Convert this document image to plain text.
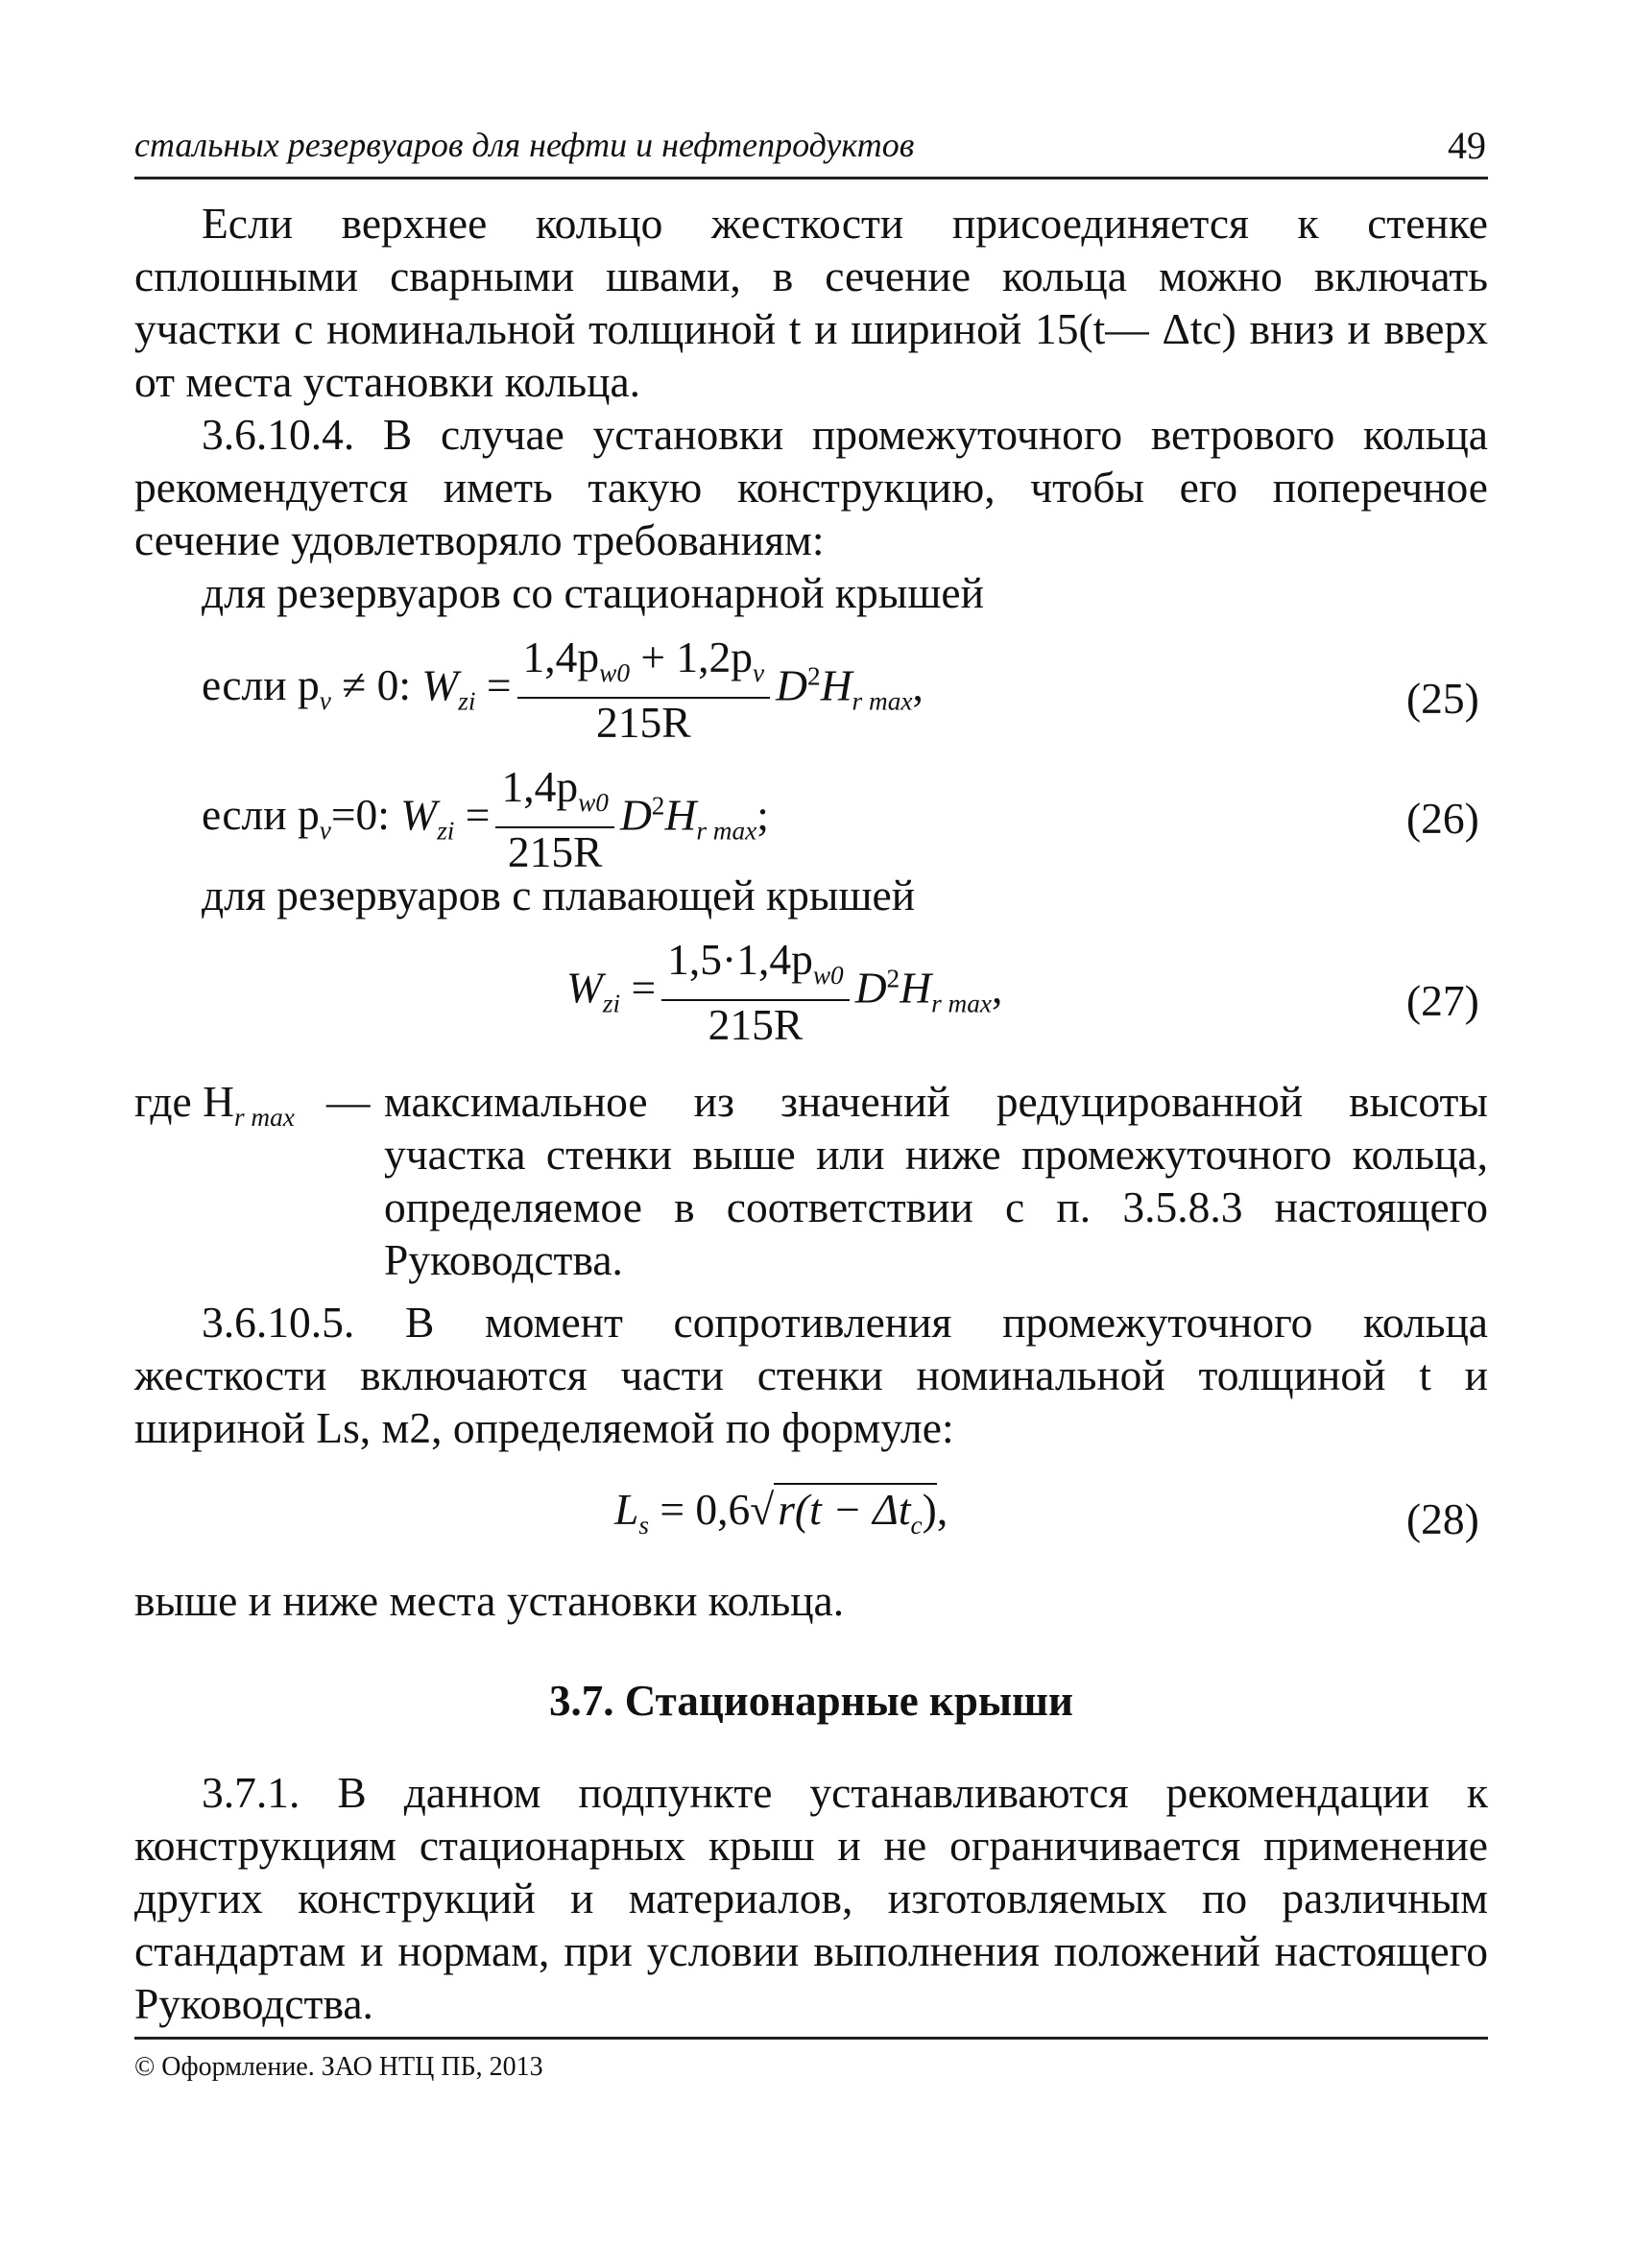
стальных резервуаров для нефти и нефтепродуктов	49
Если верхнее кольцо жесткости присоединяется к стенке сплошными сварными швами, в сечение кольца можно включать участки с номинальной толщиной t и шириной 15(t— Δtc) вниз и вверх от места установки кольца.
3.6.10.4. В случае установки промежуточного ветрового кольца рекомендуется иметь такую конструкцию, чтобы его поперечное сечение удовлетворяло требованиям:
для резервуаров со стационарной крышей
если $p_v \ne 0$: $W_{zi} = \frac{1,4p_{w0} + 1,2p_v}{215R} D^2H_{r max}$,	(25)
если $p_v=0$: $W_{zi} = \frac{1,4p_{w0}}{215R} D^2H_{r max}$;	(26)
для резервуаров с плавающей крышей
$W_{zi} = \frac{1,5\cdot 1,4p_{w0}}{215R} D^2H_{r max}$,	(27)
где $H_{r max}$ — максимальное из значений редуцированной высоты участка стенки выше или ниже промежуточного кольца, определяемое в соответствии с п. 3.5.8.3 настоящего Руководства.
3.6.10.5. В момент сопротивления промежуточного кольца жесткости включаются части стенки номинальной толщиной t и шириной Ls, м2, определяемой по формуле:
$L_s = 0,6√r(t - \Delta t_c)$,	(28)
выше и ниже места установки кольца.
3.7. Стационарные крыши
3.7.1. В данном подпункте устанавливаются рекомендации к конструкциям стационарных крыш и не ограничивается применение других конструкций и материалов, изготовляемых по различным стандартам и нормам, при условии выполнения положений настоящего Руководства.
© Оформление. ЗАО НТЦ ПБ, 2013
